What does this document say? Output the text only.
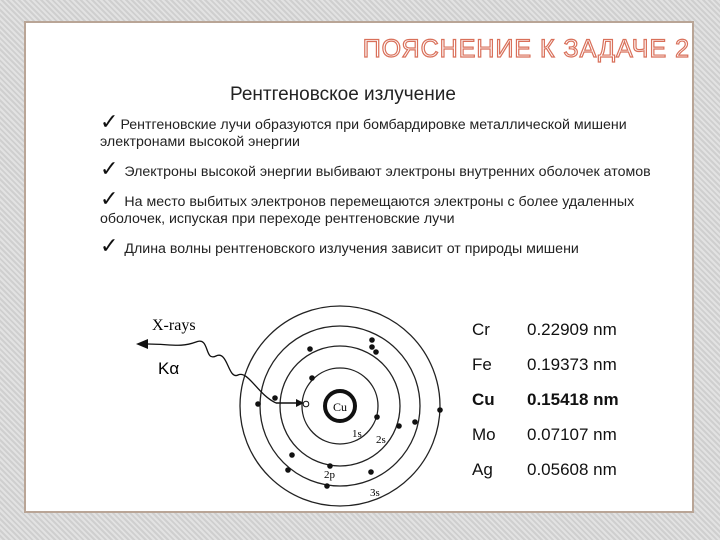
ПОЯСНЕНИЕ К ЗАДАЧЕ 2
Рентгеновское излучение
✓ Рентгеновские лучи образуются при бомбардировке металлической мишени электронами высокой энергии
✓ Электроны высокой энергии выбивают электроны внутренних оболочек атомов
✓ На место выбитых электронов перемещаются электроны с более удаленных оболочек, испуская при переходе рентгеновские лучи
✓ Длина волны рентгеновского излучения зависит от природы мишени
Cu
X-rays
Kα
1s 2s
2p
3s
Cr	0.22909 nm
Fe	0.19373 nm
Cu	0.15418 nm
Mo	0.07107 nm
Ag	0.05608 nm
